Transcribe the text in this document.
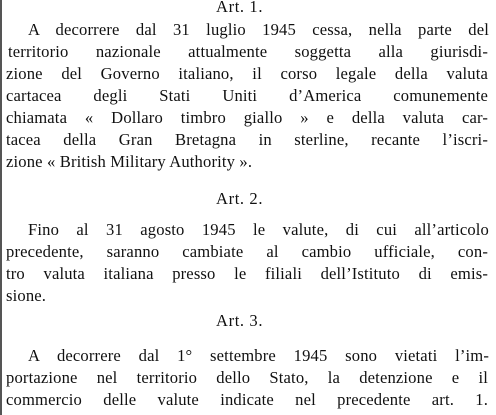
Art. 1.
A decorrere dal 31 luglio 1945 cessa, nella parte del
territorio nazionale attualmente soggetta alla giurisdi-
zione del Governo italiano, il corso legale della valuta
cartacea degli Stati Uniti d’America comunemente
chiamata « Dollaro timbro giallo » e della valuta car-
tacea della Gran Bretagna in sterline, recante l’iscri-
zione « British Military Authority ».
Art. 2.
Fino al 31 agosto 1945 le valute, di cui all’articolo
precedente, saranno cambiate al cambio ufficiale, con-
tro valuta italiana presso le filiali dell’Istituto di emis-
sione.
Art. 3.
A decorrere dal 1° settembre 1945 sono vietati l’im-
portazione nel territorio dello Stato, la detenzione e il
commercio delle valute indicate nel precedente art. 1.
